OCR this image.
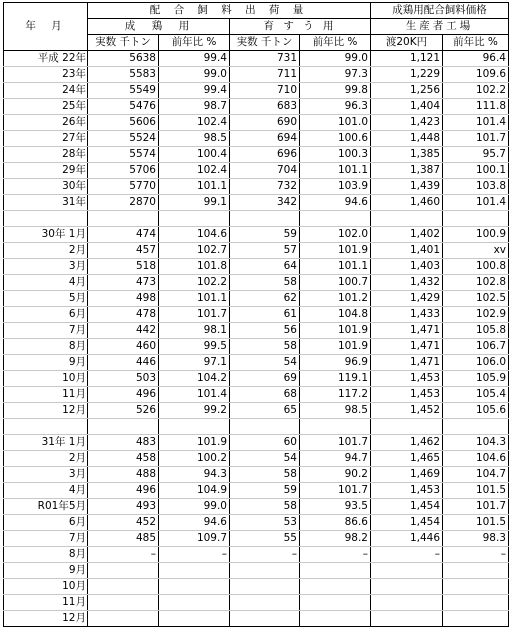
年 月	配 合 飼 料 出 荷 量				成鶏用配合飼料価格	
	成　鶏　用		育 す う 用		生産者工場	
	実数 千トン	前年比 %	実数 千トン	前年比 %	渡20K円	前年比 %
平成 22年	5638	99.4	731	99.0	1,121	96.4
23年	5583	99.0	711	97.3	1,229	109.6
24年	5549	99.4	710	99.8	1,256	102.2
25年	5476	98.7	683	96.3	1,404	111.8
26年	5606	102.4	690	101.0	1,423	101.4
27年	5524	98.5	694	100.6	1,448	101.7
28年	5574	100.4	696	100.3	1,385	95.7
29年	5706	102.4	704	101.1	1,387	100.1
30年	5770	101.1	732	103.9	1,439	103.8
31年	2870	99.1	342	94.6	1,460	101.4

30年 1月	474	104.6	59	102.0	1,402	100.9
2月	457	102.7	57	101.9	1,401	xv
3月	518	101.8	64	101.1	1,403	100.8
4月	473	102.2	58	100.7	1,432	102.8
5月	498	101.1	62	101.2	1,429	102.5
6月	478	101.7	61	104.8	1,433	102.9
7月	442	98.1	56	101.9	1,471	105.8
8月	460	99.5	58	101.9	1,471	106.7
9月	446	97.1	54	96.9	1,471	106.0
10月	503	104.2	69	119.1	1,453	105.9
11月	496	101.4	68	117.2	1,453	105.4
12月	526	99.2	65	98.5	1,452	105.6

31年 1月	483	101.9	60	101.7	1,462	104.3
2月	458	100.2	54	94.7	1,465	104.6
3月	488	94.3	58	90.2	1,469	104.7
4月	496	104.9	59	101.7	1,453	101.5
R01年5月	493	99.0	58	93.5	1,454	101.7
6月	452	94.6	53	86.6	1,454	101.5
7月	485	109.7	55	98.2	1,446	98.3
8月	–	–	–	–	–	–
9月						
10月						
11月						
12月						
